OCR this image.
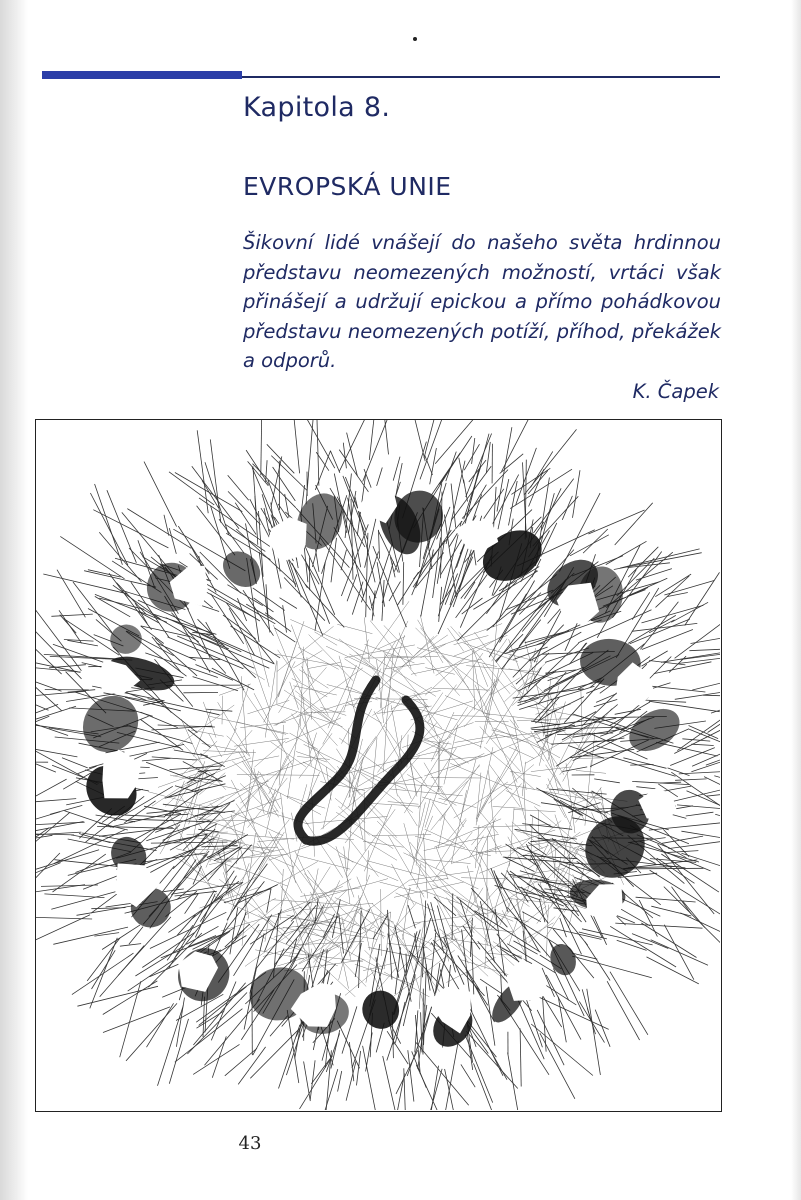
Kapitola 8.
EVROPSKÁ UNIE
Šikovní lidé vnášejí do našeho světa hrdinnou
představu neomezených možností, vrtáci však
přinášejí a udržují epickou a přímo pohádkovou
představu neomezených potíží, příhod, překážek
a odporů.
K. Čapek
43
